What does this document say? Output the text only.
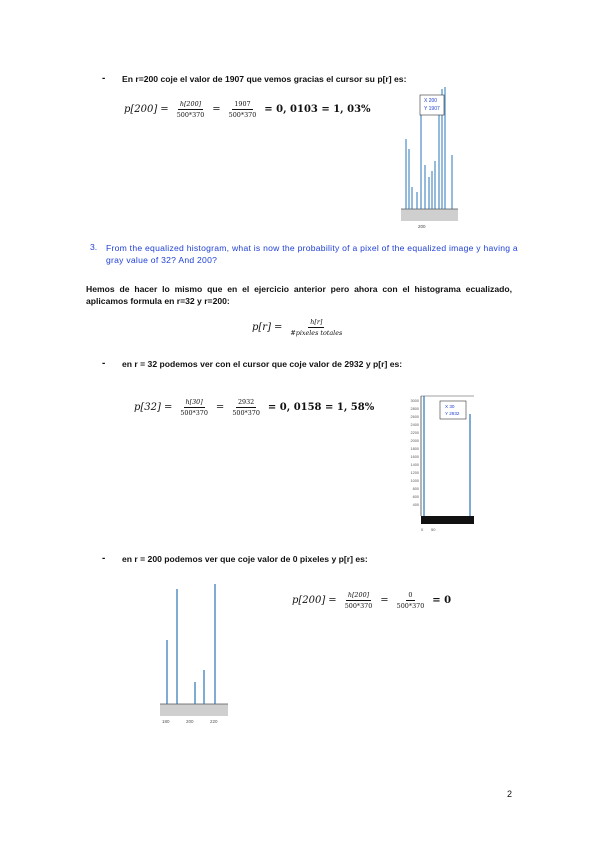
- En r=200 coje el valor de 1907 que vemos gracias el cursor su p[r] es:
$p[200] = \frac{h[200]}{500*370} = \frac{1907}{500*370} = 0$, 0103 = 1, 03%
X 200
Y 1907
200
3. From the equalized histogram, what is now the probability of a pixel of the equalized image y having a gray value of 32? And 200?
Hemos de hacer lo mismo que en el ejercicio anterior pero ahora con el histograma ecualizado, aplicamos formula en r=32 y r=200:
$p[r] = \frac{h[r]}{\text{\#pixeles totales}}$
- en r = 32 podemos ver con el cursor que coje valor de 2932 y p[r] es:
$p[32] = \frac{h[30]}{500*370} = \frac{2932}{500*370} = 0$, 0158 = 1, 58%
3000
2800
2600
2400
2200
2000
1800
1600
1400
1200
1000
800
600
400
X 30
Y 2932
0 50
- en r = 200 podemos ver que coje valor de 0 pixeles y p[r] es:
180	200	220
$p[200] = \frac{h[200]}{500*370} = \frac{0}{500*370} = 0$
2
